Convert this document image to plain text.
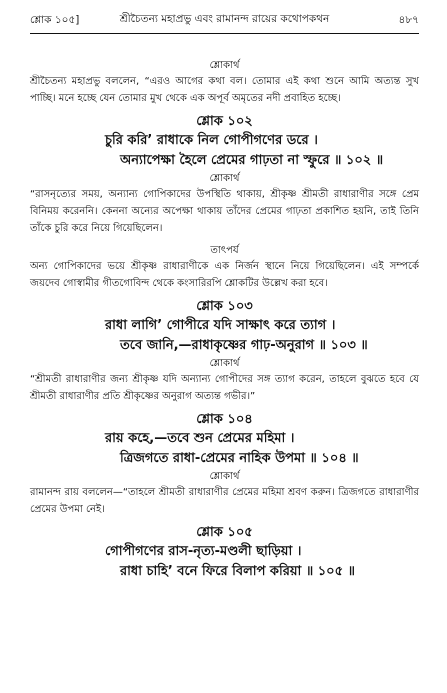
শ্লোক ১০৫]	শ্রীচৈতন্য মহাপ্রভু এবং রামানন্দ রায়ের কথোপকথন	৪৮৭
শ্লোকার্থ

শ্রীচৈতন্য মহাপ্রভু বললেন, “এরও আগের কথা বল। তোমার এই কথা শুনে আমি অত্যন্ত সুখ পাচ্ছি। মনে হচ্ছে যেন তোমার মুখ থেকে এক অপূর্ব অমৃতের নদী প্রবাহিত হচ্ছে।

শ্লোক ১০২
চুরি করি’ রাধাকে নিল গোপীগণের ডরে ।
অন্যাপেক্ষা হৈলে প্রেমের গাঢ়তা না স্ফুরে ॥ ১০২ ॥
শ্লোকার্থ

“রাসনৃত্যের সময়, অন্যান্য গোপিকাদের উপস্থিতি থাকায়, শ্রীকৃষ্ণ শ্রীমতী রাধারাণীর সঙ্গে প্রেম বিনিময় করেননি। কেননা অন্যের অপেক্ষা থাকায় তাঁদের প্রেমের গাঢ়তা প্রকাশিত হয়নি, তাই তিনি তাঁকে চুরি করে নিয়ে গিয়েছিলেন।

তাৎপর্য

অন্য গোপিকাদের ভয়ে শ্রীকৃষ্ণ রাধারাণীকে এক নির্জন স্থানে নিয়ে গিয়েছিলেন। এই সম্পর্কে জয়দেব গোস্বামীর গীতগোবিন্দ থেকে কংসারিরপি শ্লোকটির উল্লেখ করা হবে।

শ্লোক ১০৩
রাধা লাগি’ গোপীরে যদি সাক্ষাৎ করে ত্যাগ ।
তবে জানি,—রাধাকৃষ্ণের গাঢ়-অনুরাগ ॥ ১০৩ ॥
শ্লোকার্থ

“শ্রীমতী রাধারাণীর জন্য শ্রীকৃষ্ণ যদি অন্যান্য গোপীদের সঙ্গ ত্যাগ করেন, তাহলে বুঝতে হবে যে শ্রীমতী রাধারাণীর প্রতি শ্রীকৃষ্ণের অনুরাগ অত্যন্ত গভীর।”

শ্লোক ১০৪
রায় কহে,—তবে শুন প্রেমের মহিমা ।
ত্রিজগতে রাধা-প্রেমের নাহিক উপমা ॥ ১০৪ ॥
শ্লোকার্থ

রামানন্দ রায় বললেন—“তাহলে শ্রীমতী রাধারাণীর প্রেমের মহিমা শ্রবণ করুন। ত্রিজগতে রাধারাণীর প্রেমের উপমা নেই।

শ্লোক ১০৫
গোপীগণের রাস-নৃত্য-মণ্ডলী ছাড়িয়া ।
রাধা চাহি’ বনে ফিরে বিলাপ করিয়া ॥ ১০৫ ॥
